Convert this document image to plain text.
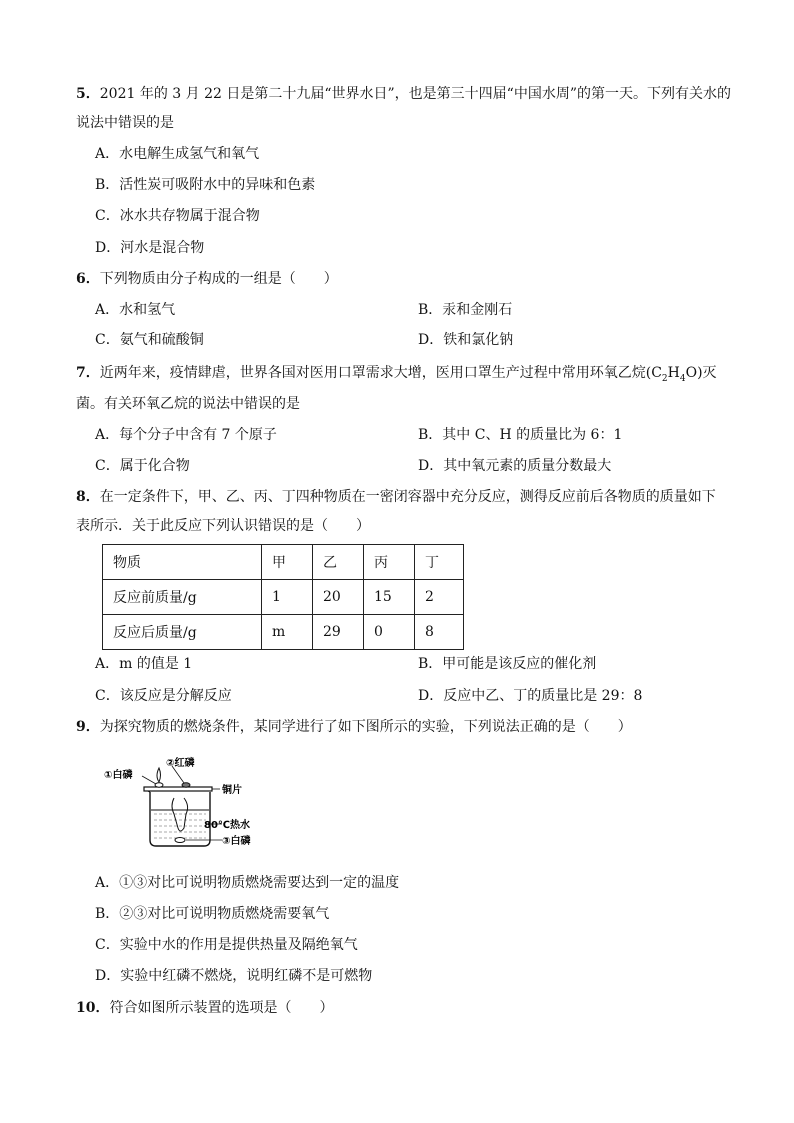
5．2021 年的 3 月 22 日是第二十九届“世界水日”，也是第三十四届“中国水周”的第一天。下列有关水的
说法中错误的是
A．水电解生成氢气和氧气
B．活性炭可吸附水中的异味和色素
C．冰水共存物属于混合物
D．河水是混合物
6．下列物质由分子构成的一组是（　　）
A．水和氢气	B．汞和金刚石
C．氨气和硫酸铜	D．铁和氯化钠
7．近两年来，疫情肆虐，世界各国对医用口罩需求大增，医用口罩生产过程中常用环氧乙烷$(C_2H_4O)$灭
菌。有关环氧乙烷的说法中错误的是
A．每个分子中含有 7 个原子	B．其中 C、H 的质量比为 6：1
C．属于化合物	D．其中氧元素的质量分数最大
8．在一定条件下，甲、乙、丙、丁四种物质在一密闭容器中充分反应，测得反应前后各物质的质量如下
表所示．关于此反应下列认识错误的是（　　）
物质	甲	乙	丙	丁
反应前质量/g	1	20	15	2
反应后质量/g	m	29	0	8
A．m 的值是 1	B．甲可能是该反应的催化剂
C．该反应是分解反应	D．反应中乙、丁的质量比是 29：8
9．为探究物质的燃烧条件，某同学进行了如下图所示的实验，下列说法正确的是（　　）
①白磷
②红磷
铜片
80℃热水
③白磷
A．①③对比可说明物质燃烧需要达到一定的温度
B．②③对比可说明物质燃烧需要氧气
C．实验中水的作用是提供热量及隔绝氧气
D．实验中红磷不燃烧，说明红磷不是可燃物
10．符合如图所示装置的选项是（　　）
